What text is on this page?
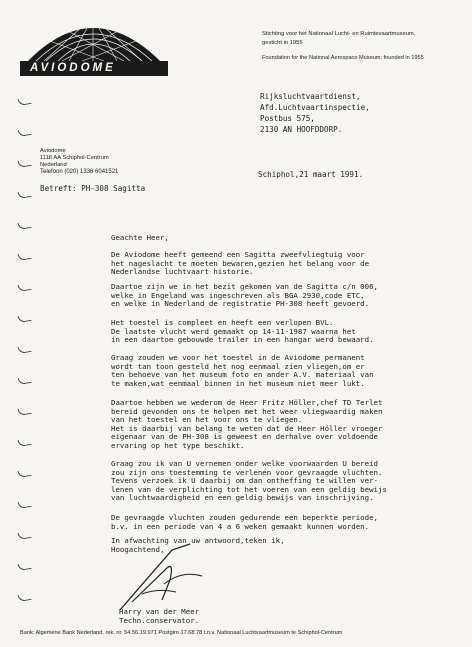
AVIODOME
Stichting voor het Nationaal Lucht- en Ruimtevaartmuseum,
gesticht in 1955
Foundation for the National Aerospace Museum; founded in 1955
Rijksluchtvaartdienst,
Afd.Luchtvaartinspectie,
Postbus 575,
2130 AN HOOFDDORP.
Aviodome
1118 AA Schiphol-Centrum
Nederland
Telefoon (020) 1336 6041521	Schiphol,21 maart 1991.
Betreft: PH-308 Sagitta
Geachte Heer,
De Aviodome heeft gemeend een Sagitta zweefvliegtuig voor
het nageslacht te moeten bewaren,gezien het belang voor de
Nederlandse luchtvaart historie.
Daartoe zijn we in het bezit gekomen van de Sagitta c/n 006,
welke in Engeland was ingeschreven als BGA 2930,code ETC,
en welke in Nederland de registratie PH-308 heeft gevoerd.
Het toestel is compleet en heeft een verlopen BVL.
De laatste vlucht werd gemaakt op 14-11-1987 waarna het
in een daartoe gebouwde trailer in een hangar werd bewaard.
Graag zouden we voor het toestel in de Aviodome permanent
wordt tan toon gesteld het nog eenmaal zien vliegen,om er
ten behoeve van het museum foto en ander A.V. materiaal van
te maken,wat eenmaal binnen in het museum niet meer lukt.
Daartoe hebben we wederom de Heer Fritz Höller,chef TD Terlet
bereid gevonden ons te helpen met het weer vliegwaardig maken
van het toestel en het voor ons te vliegen.
Het is daarbij van belang te weten dat de Heer Höller vroeger
eigenaar van de PH-308 is geweest en derhalve over voldoende
ervaring op het type beschikt.
Graag zou ik van U vernemen onder welke voorwaarden U bereid
zou zijn ons toestemming te verlenen voor gevraagde vluchten.
Tevens verzoek ik U daarbij om dan ontheffing te willen ver-
lenen van de verplichting tot het voeren van een geldig bewijs
van luchtwaardigheid en een geldig bewijs van inschrijving.
De gevraagde vluchten zouden gedurende een beperkte periode,
b.v. in een periode van 4 a 6 weken gemaakt kunnen worden.
In afwachting van uw antwoord,teken ik,
Hoogachtend,
Harry van der Meer
Techn.conservator.
Bank: Algemene Bank Nederland, rek. nr. 54.56.19.971 Postgiro 17.68.78 t.n.v. Nationaal Luchtvaartmuseum te Schiphol-Centrum
